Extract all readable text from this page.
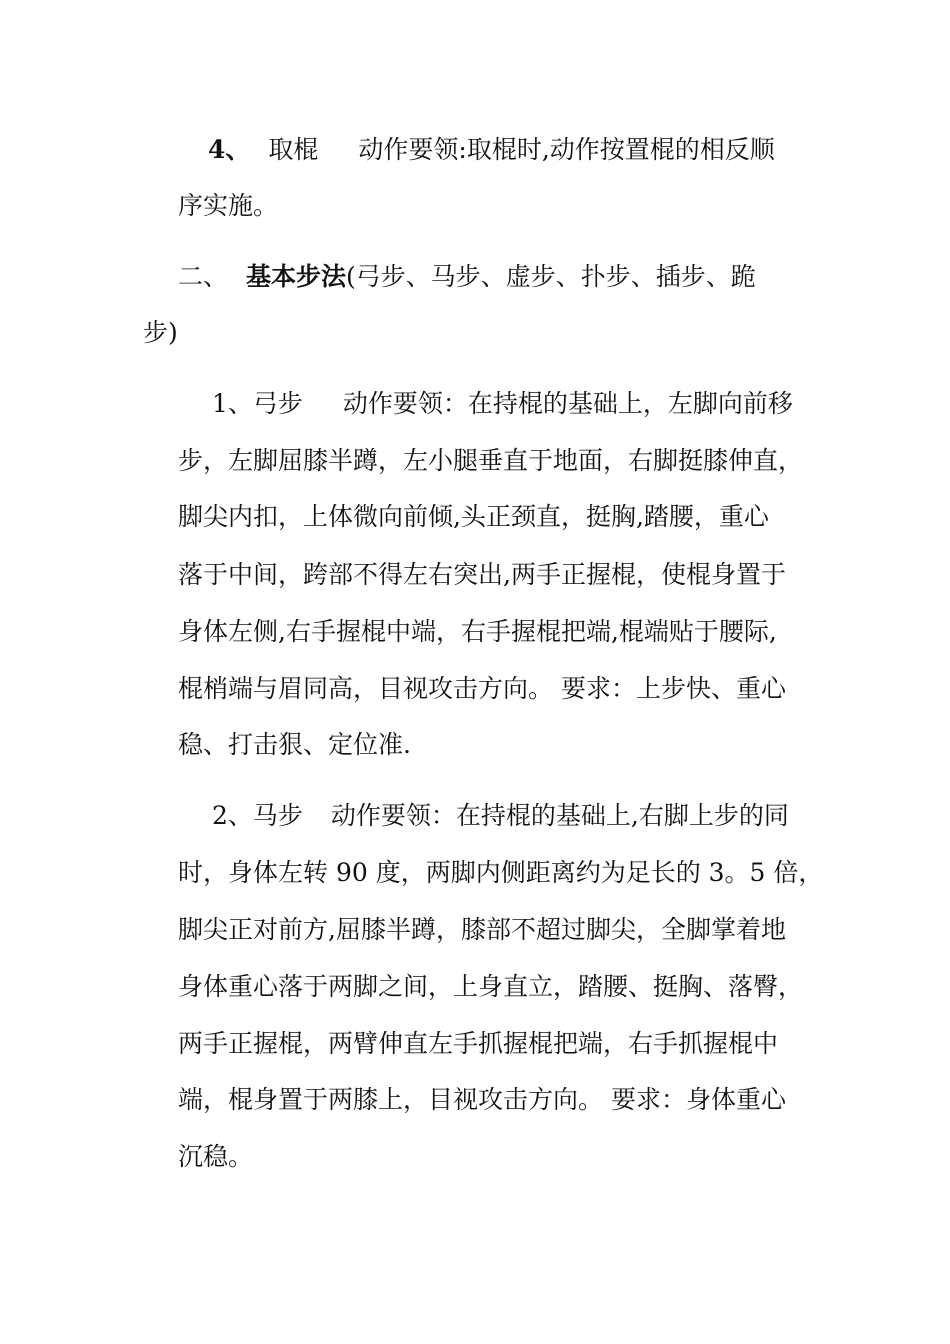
4、 取棍 动作要领:取棍时,动作按置棍的相反顺
序实施。
二、 基本步法(弓步、马步、虚步、扑步、插步、跪
步)
1、弓步 动作要领：在持棍的基础上，左脚向前移
步，左脚屈膝半蹲，左小腿垂直于地面，右脚挺膝伸直，
脚尖内扣，上体微向前倾,头正颈直，挺胸,踏腰，重心
落于中间，跨部不得左右突出,两手正握棍，使棍身置于
身体左侧,右手握棍中端，右手握棍把端,棍端贴于腰际,
棍梢端与眉同高，目视攻击方向。 要求：上步快、重心
稳、打击狠、定位准.
2、马步 动作要领：在持棍的基础上,右脚上步的同
时，身体左转 90 度，两脚内侧距离约为足长的 3。5 倍，
脚尖正对前方,屈膝半蹲，膝部不超过脚尖，全脚掌着地
身体重心落于两脚之间，上身直立，踏腰、挺胸、落臀，
两手正握棍，两臂伸直左手抓握棍把端，右手抓握棍中
端，棍身置于两膝上，目视攻击方向。 要求：身体重心
沉稳。
